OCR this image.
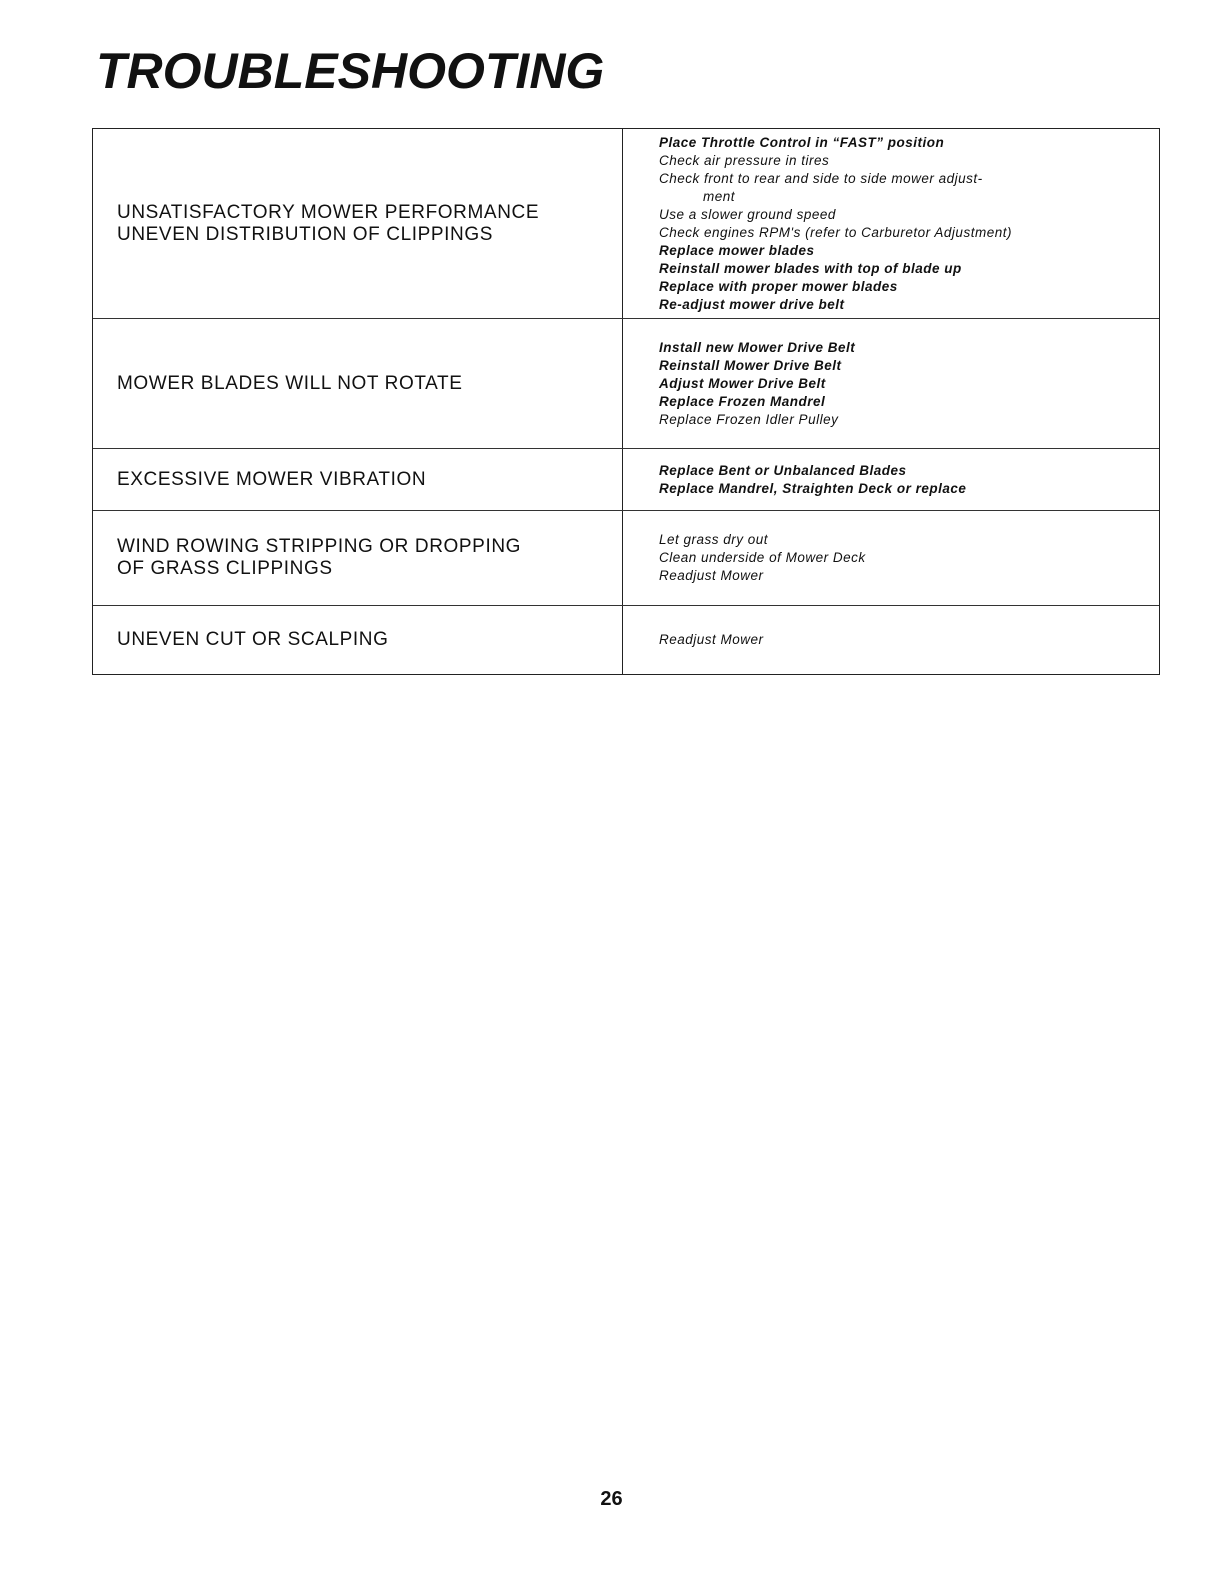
TROUBLESHOOTING
UNSATISFACTORY MOWER PERFORMANCE
UNEVEN DISTRIBUTION OF CLIPPINGS
Place Throttle Control in “FAST” position
Check air pressure in tires
Check front to rear and side to side mower adjust-
ment
Use a slower ground speed
Check engines RPM's (refer to Carburetor Adjustment)
Replace mower blades
Reinstall mower blades with top of blade up
Replace with proper mower blades
Re-adjust mower drive belt
MOWER BLADES WILL NOT ROTATE
Install new Mower Drive Belt
Reinstall Mower Drive Belt
Adjust Mower Drive Belt
Replace Frozen Mandrel
Replace Frozen Idler Pulley
EXCESSIVE MOWER VIBRATION	Replace Bent or Unbalanced Blades
Replace Mandrel, Straighten Deck or replace
WIND ROWING STRIPPING OR DROPPING
OF GRASS CLIPPINGS
Let grass dry out
Clean underside of Mower Deck
Readjust Mower
UNEVEN CUT OR SCALPING	Readjust Mower
26
